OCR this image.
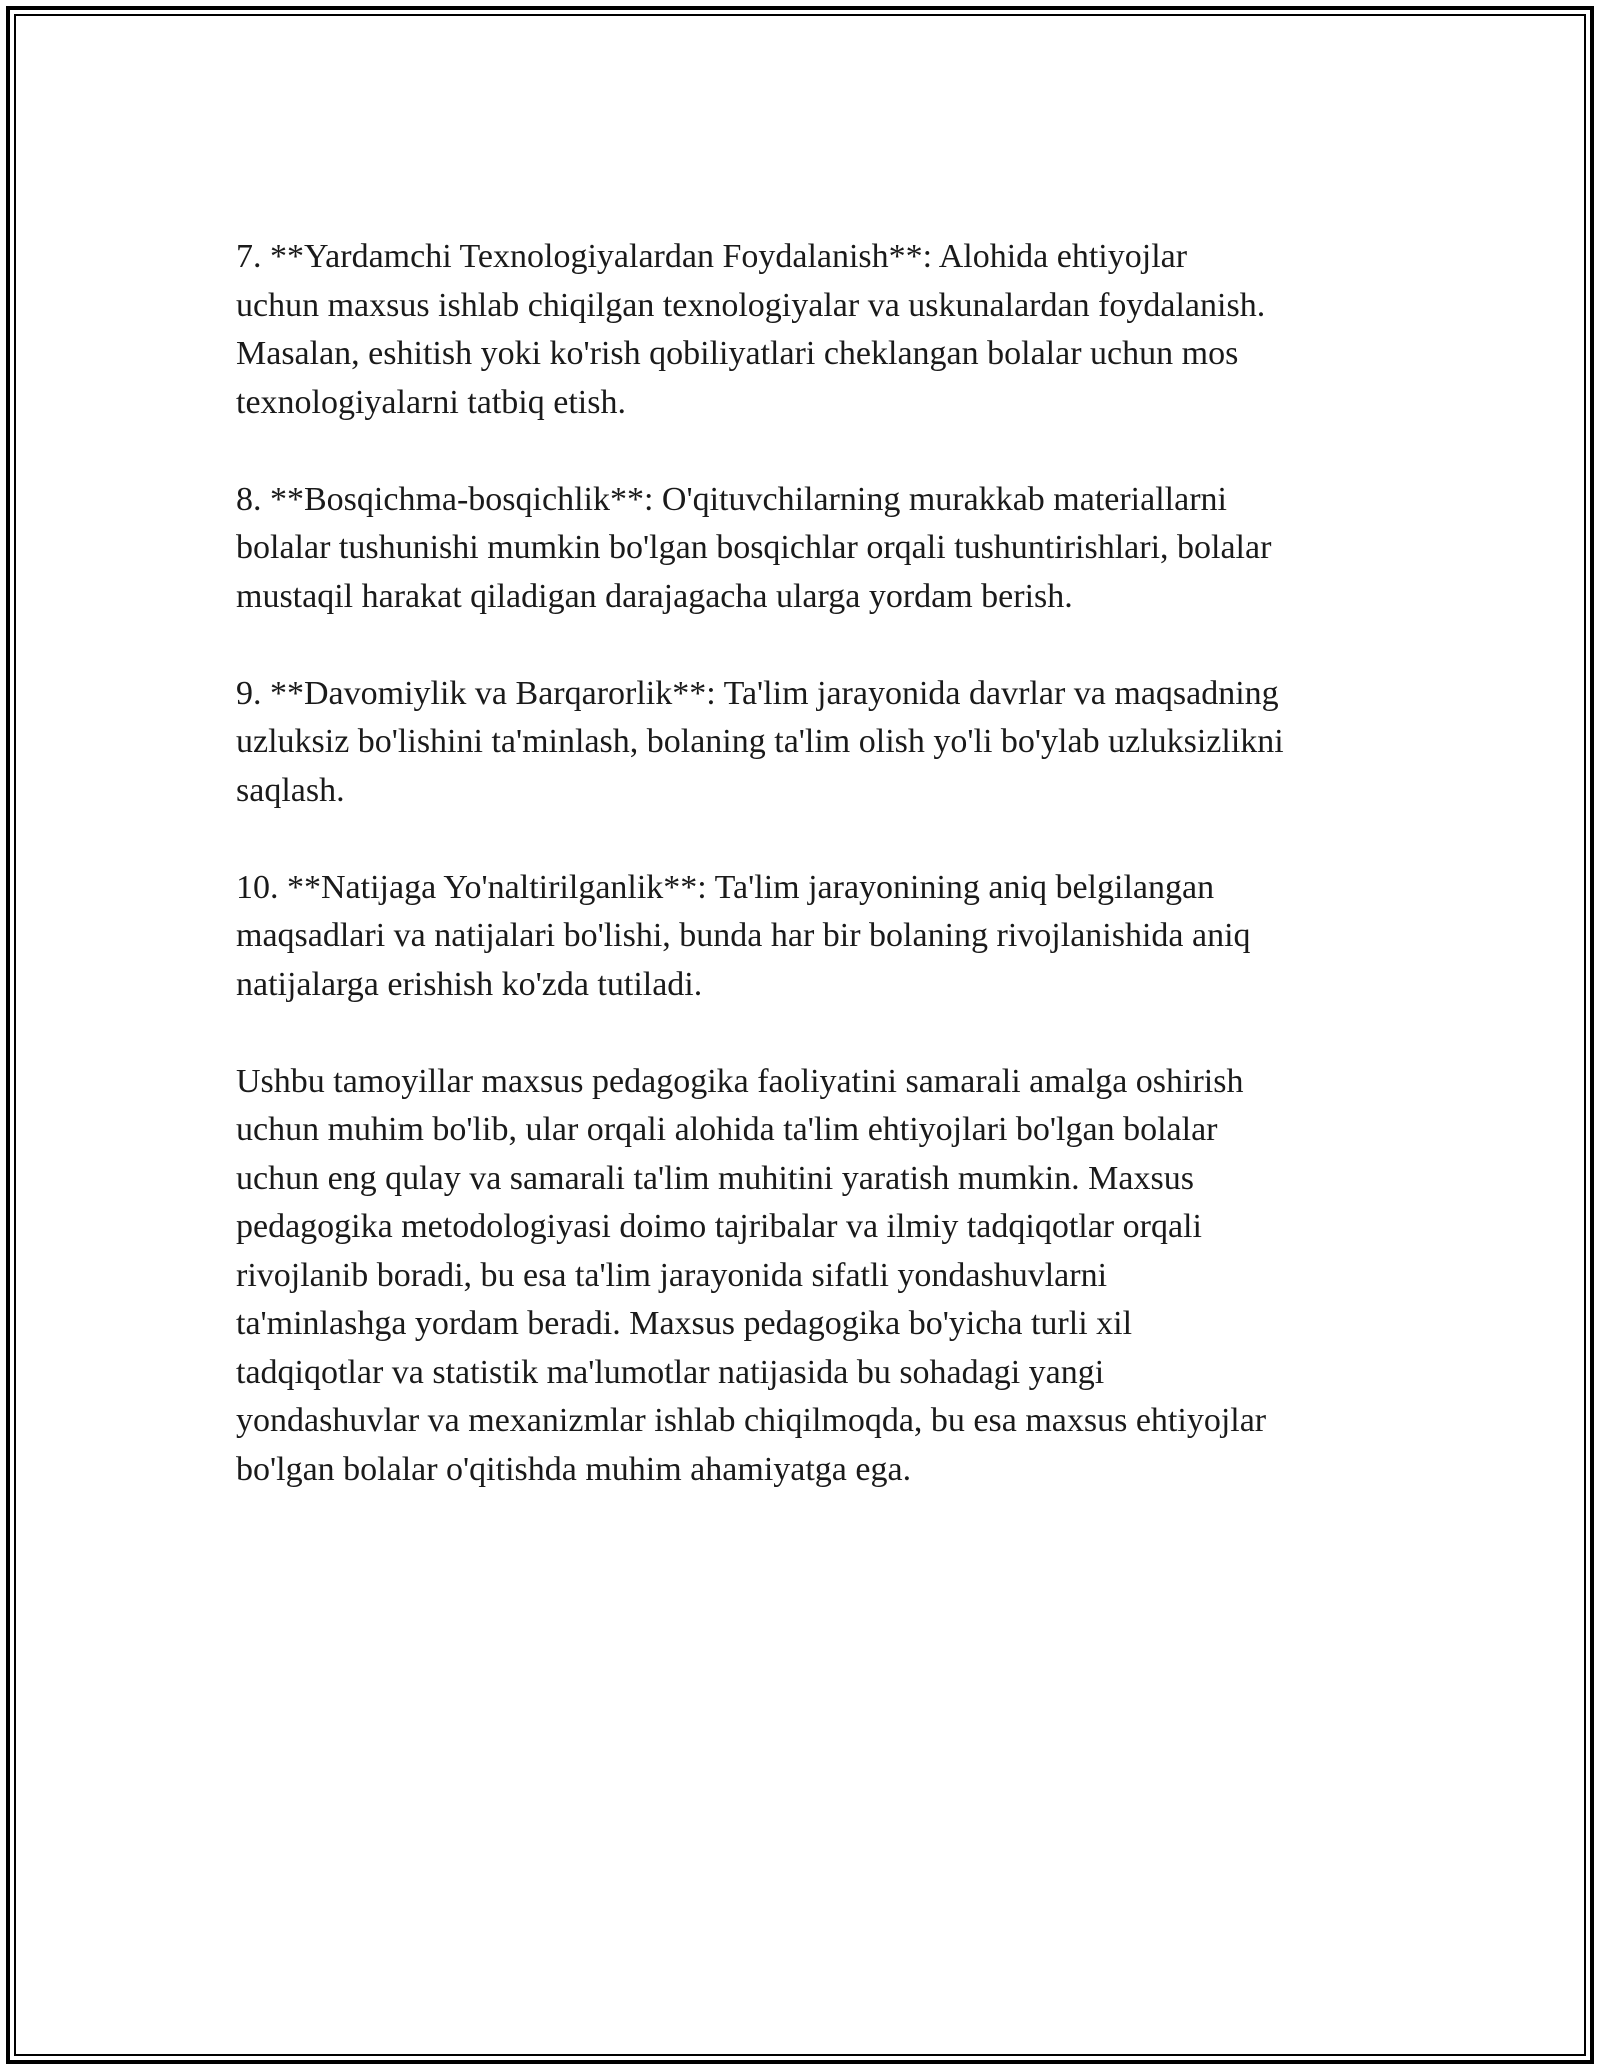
7. **Yardamchi Texnologiyalardan Foydalanish**: Alohida ehtiyojlar
uchun maxsus ishlab chiqilgan texnologiyalar va uskunalardan foydalanish.
Masalan, eshitish yoki ko'rish qobiliyatlari cheklangan bolalar uchun mos
texnologiyalarni tatbiq etish.

8. **Bosqichma-bosqichlik**: O'qituvchilarning murakkab materiallarni
bolalar tushunishi mumkin bo'lgan bosqichlar orqali tushuntirishlari, bolalar
mustaqil harakat qiladigan darajagacha ularga yordam berish.

9. **Davomiylik va Barqarorlik**: Ta'lim jarayonida davrlar va maqsadning
uzluksiz bo'lishini ta'minlash, bolaning ta'lim olish yo'li bo'ylab uzluksizlikni
saqlash.

10. **Natijaga Yo'naltirilganlik**: Ta'lim jarayonining aniq belgilangan
maqsadlari va natijalari bo'lishi, bunda har bir bolaning rivojlanishida aniq
natijalarga erishish ko'zda tutiladi.

Ushbu tamoyillar maxsus pedagogika faoliyatini samarali amalga oshirish
uchun muhim bo'lib, ular orqali alohida ta'lim ehtiyojlari bo'lgan bolalar
uchun eng qulay va samarali ta'lim muhitini yaratish mumkin. Maxsus
pedagogika metodologiyasi doimo tajribalar va ilmiy tadqiqotlar orqali
rivojlanib boradi, bu esa ta'lim jarayonida sifatli yondashuvlarni
ta'minlashga yordam beradi. Maxsus pedagogika bo'yicha turli xil
tadqiqotlar va statistik ma'lumotlar natijasida bu sohadagi yangi
yondashuvlar va mexanizmlar ishlab chiqilmoqda, bu esa maxsus ehtiyojlar
bo'lgan bolalar o'qitishda muhim ahamiyatga ega.
